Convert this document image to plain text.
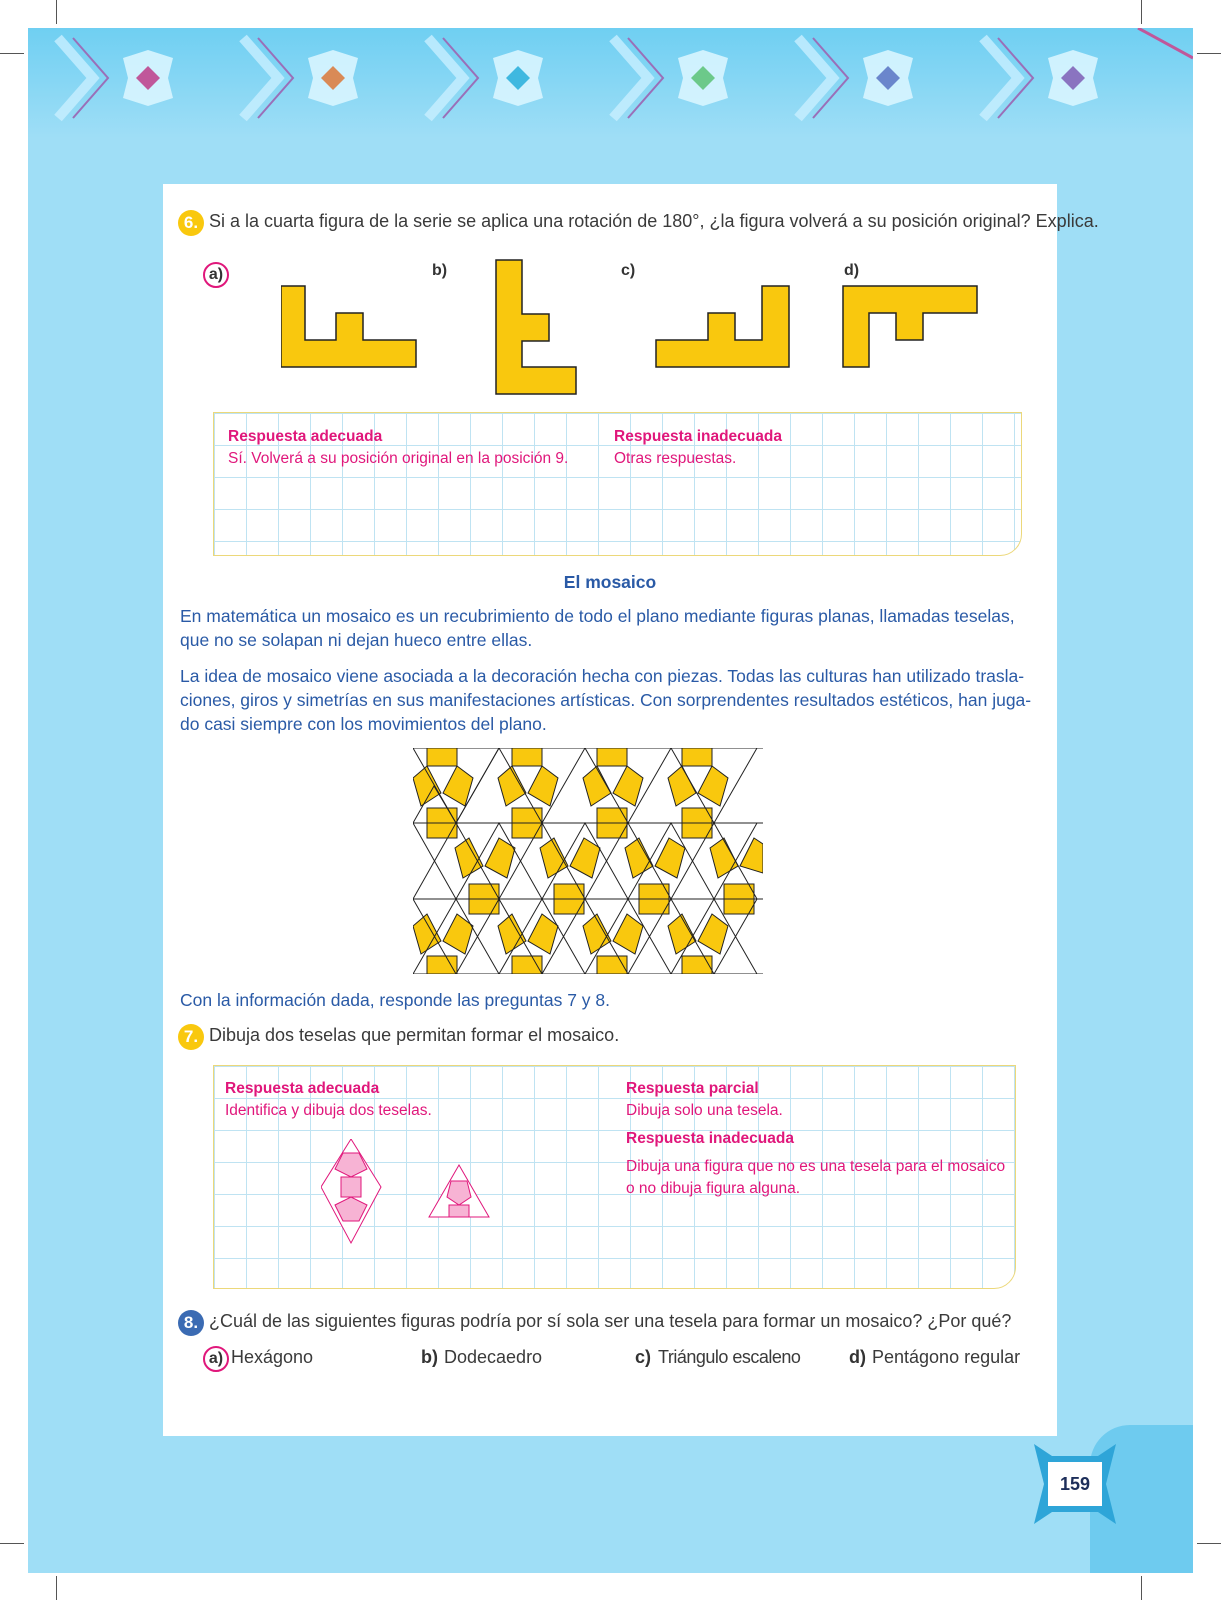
159
6. Si a la cuarta figura de la serie se aplica una rotación de 180°, ¿la figura volverá a su posición original? Explica.
a)	b)	c)	d)
Respuesta adecuada
Sí. Volverá a su posición original en la posición 9.
Respuesta inadecuada
Otras respuestas.
El mosaico
En matemática un mosaico es un recubrimiento de todo el plano mediante figuras planas, llamadas teselas, que no se solapan ni dejan hueco entre ellas.
La idea de mosaico viene asociada a la decoración hecha con piezas. Todas las culturas han utilizado trasla-ciones, giros y simetrías en sus manifestaciones artísticas. Con sorprendentes resultados estéticos, han juga-do casi siempre con los movimientos del plano.
Con la información dada, responde las preguntas 7 y 8.
7. Dibuja dos teselas que permitan formar el mosaico.
Respuesta adecuada
Identifica y dibuja dos teselas.
Respuesta parcial
Dibuja solo una tesela.
Respuesta inadecuada
Dibuja una figura que no es una tesela para el mosaico o no dibuja figura alguna.
8. ¿Cuál de las siguientes figuras podría por sí sola ser una tesela para formar un mosaico? ¿Por qué?
a) Hexágono	b) Dodecaedro	c) Triángulo escaleno	d) Pentágono regular
